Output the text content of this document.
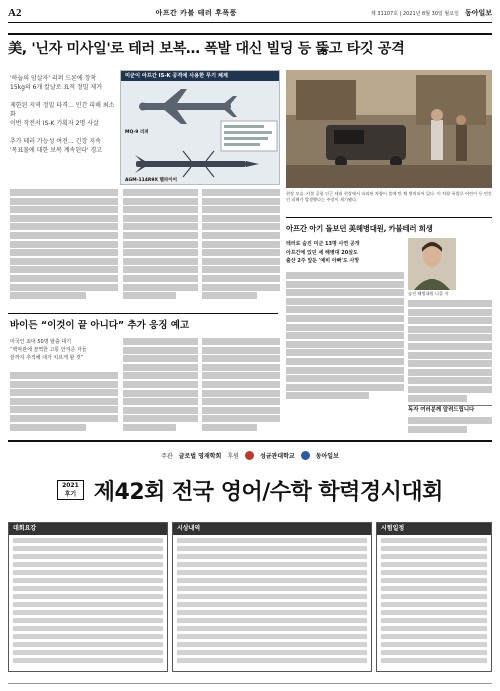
A2	아프간 카불 테러 후폭풍	제 31107호 | 2021년 8월 30일 월요일 동아일보
美, '닌자 미사일'로 테러 보복… 폭발 대신 빌딩 등 뚫고 타깃 공격
'하늘의 암살자' 리퍼 드론에 장착
15kg의 6개 칼날로 표적 정밀 제거

제한된 지역 정밀 타격… 민간 피해 최소화
이번 작전서 IS-K 기획자 2명 사살

추가 테러 가능성 여전… 긴장 지속
'목표물에 대한 보복 계속된다' 경고
미군이 아프간 IS-K 공격에 사용한 무기 체계
MQ-9 리퍼
AGM-114R9X 헬파이어
현장 모습. 카불 공항 인근 테러 현장에서 파괴된 차량이 불에 탄 채 방치되어 있다. 이 차량 폭발로 어린이 등 민간인 피해가 발생했다는 주장이 제기됐다.
바이든 “이것이 끝 아니다” 추가 응징 예고
미국인 최대 50명 탈출 대기
“백악관에 끔찍한 고통 안겨준 자들
끝까지 추적해 대가 치르게 할 것”
아프간 아기 돌보던 美해병대원, 카불테러 희생
테러로 숨진 미군 13명 사연 공개
아프간에 있던 세 해병대 20살도
출산 2주 앞둔 '예비 아빠'도 사망
숨진 해병대원 니콜 지
독자 여러분께 알려드립니다
주관 글로벌 영재학회 후원	성균관대학교	동아일보
2021
후기 제42회 전국 영어/수학 학력경시대회
대회요강	시상내역	시험일정
